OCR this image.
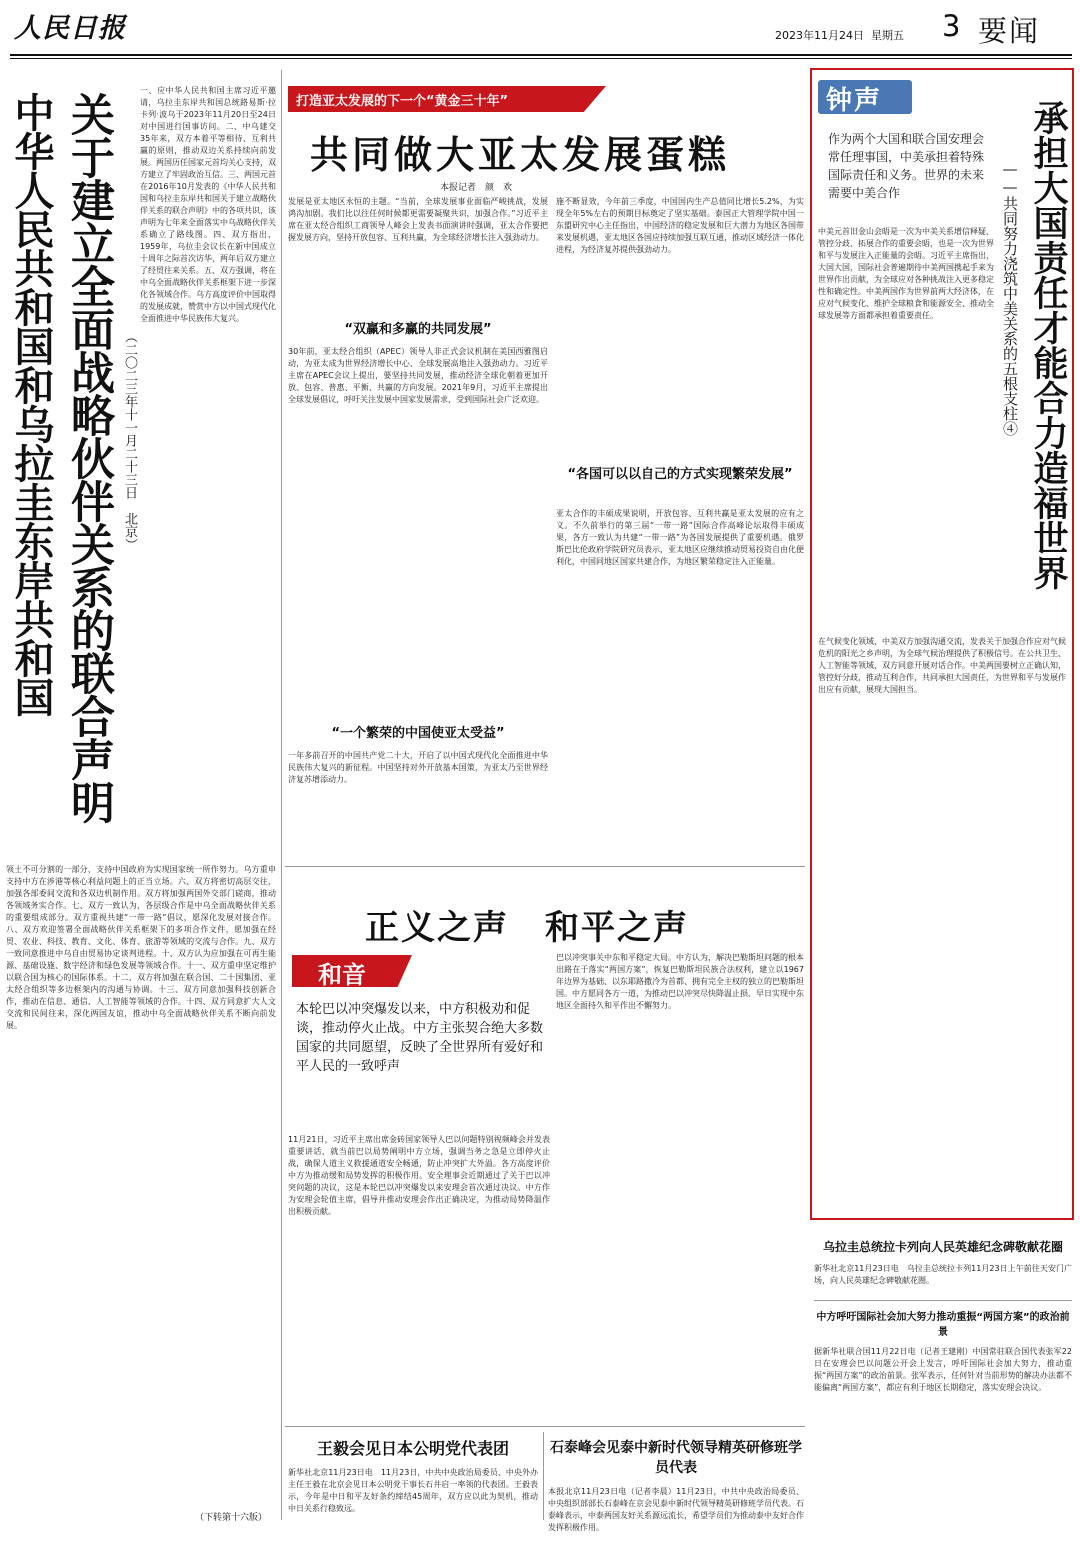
人民日报	2023年11月24日 星期五 3 要闻
关于建立全面战略伙伴关系的联合声明
中华人民共和国和乌拉圭东岸共和国	（二〇二三年十一月二十三日　北京）
一、应中华人民共和国主席习近平邀请，乌拉圭东岸共和国总统路易斯·拉卡列·波乌于2023年11月20日至24日对中国进行国事访问。二、中乌建交35年来，双方本着平等相待、互利共赢的原则，推动双边关系持续向前发展。两国历任国家元首均关心支持，双方建立了牢固政治互信。三、两国元首在2016年10月发表的《中华人民共和国和乌拉圭东岸共和国关于建立战略伙伴关系的联合声明》中的各项共识，该声明为七年来全面落实中乌战略伙伴关系确立了路线图。四、双方指出，1959年，乌拉圭会议长在新中国成立十周年之际首次访华，两年后双方建立了经贸往来关系。五、双方强调，将在中乌全面战略伙伴关系框架下进一步深化各领域合作。乌方高度评价中国取得的发展成就，赞赏中方以中国式现代化全面推进中华民族伟大复兴。
领土不可分割的一部分，支持中国政府为实现国家统一所作努力。乌方重申支持中方在涉港等核心利益问题上的正当立场。六、双方将密切高层交往，加强各部委间交流和各双边机制作用。双方将加强两国外交部门磋商，推动各领域务实合作。七、双方一致认为，各层级合作是中乌全面战略伙伴关系的重要组成部分。双方重视共建“一带一路”倡议，愿深化发展对接合作。八、双方欢迎签署全面战略伙伴关系框架下的多项合作文件，愿加强在经贸、农业、科技、教育、文化、体育、旅游等领域的交流与合作。九、双方一致同意推进中乌自由贸易协定谈判进程。十、双方认为应加强在可再生能源、基础设施、数字经济和绿色发展等领域合作。十一、双方重申坚定维护以联合国为核心的国际体系。十二、双方将加强在联合国、二十国集团、亚太经合组织等多边框架内的沟通与协调。十三、双方同意加强科技创新合作，推动在信息、通信、人工智能等领域的合作。十四、双方同意扩大人文交流和民间往来，深化两国友谊，推动中乌全面战略伙伴关系不断向前发展。
（下转第十六版）
打造亚太发展的下一个“黄金三十年”
共同做大亚太发展蛋糕
本报记者　颜　欢
发展是亚太地区永恒的主题。“当前，全球发展事业面临严峻挑战，发展鸿沟加剧。我们比以往任何时候都更需要凝聚共识，加强合作。”习近平主席在亚太经合组织工商领导人峰会上发表书面演讲时强调，亚太合作要把握发展方向，坚持开放包容、互利共赢，为全球经济增长注入强劲动力。
“双赢和多赢的共同发展”
30年前，亚太经合组织（APEC）领导人非正式会议机制在美国西雅图启动，为亚太成为世界经济增长中心、全球发展高地注入强劲动力。习近平主席在APEC会议上提出，要坚持共同发展，推动经济全球化朝着更加开放、包容、普惠、平衡、共赢的方向发展。2021年9月，习近平主席提出全球发展倡议，呼吁关注发展中国家发展需求，受到国际社会广泛欢迎。
“一个繁荣的中国使亚太受益”
一年多前召开的中国共产党二十大，开启了以中国式现代化全面推进中华民族伟大复兴的新征程。中国坚持对外开放基本国策，为亚太乃至世界经济复苏增添动力。
施不断显效，今年前三季度，中国国内生产总值同比增长5.2%，为实现全年5%左右的预期目标奠定了坚实基础。泰国正大管理学院中国一东盟研究中心主任指出，中国经济的稳定发展和巨大潜力为地区各国带来发展机遇，亚太地区各国应持续加强互联互通，推动区域经济一体化进程，为经济复苏提供强劲动力。
“各国可以以自己的方式实现繁荣发展”
亚太合作的丰硕成果说明，开放包容、互利共赢是亚太发展的应有之义。不久前举行的第三届“一带一路”国际合作高峰论坛取得丰硕成果，各方一致认为共建“一带一路”为各国发展提供了重要机遇。俄罗斯巴比伦政府学院研究员表示，亚太地区应继续推动贸易投资自由化便利化，中国同地区国家共建合作，为地区繁荣稳定注入正能量。
正义之声　和平之声
和音
本轮巴以冲突爆发以来，中方积极劝和促谈，推动停火止战。中方主张契合绝大多数国家的共同愿望，反映了全世界所有爱好和平人民的一致呼声
11月21日，习近平主席出席金砖国家领导人巴以问题特别视频峰会并发表重要讲话，就当前巴以局势阐明中方立场，强调当务之急是立即停火止战，确保人道主义救援通道安全畅通，防止冲突扩大外溢。各方高度评价中方为推动缓和局势发挥的积极作用。安全理事会近期通过了关于巴以冲突问题的决议，这是本轮巴以冲突爆发以来安理会首次通过决议。中方作为安理会轮值主席，倡导并推动安理会作出正确决定，为推动局势降温作出积极贡献。
巴以冲突事关中东和平稳定大局。中方认为，解决巴勒斯坦问题的根本出路在于落实“两国方案”，恢复巴勒斯坦民族合法权利，建立以1967年边界为基础、以东耶路撒冷为首都、拥有完全主权的独立的巴勒斯坦国。中方愿同各方一道，为推动巴以冲突尽快降温止损、早日实现中东地区全面持久和平作出不懈努力。
王毅会见日本公明党代表团
新华社北京11月23日电　11月23日，中共中央政治局委员、中央外办主任王毅在北京会见日本公明党干事长石井启一率领的代表团。王毅表示，今年是中日和平友好条约缔结45周年，双方应以此为契机，推动中日关系行稳致远。
石泰峰会见泰中新时代领导精英研修班学员代表
本报北京11月23日电（记者李晨）11月23日，中共中央政治局委员、中央组织部部长石泰峰在京会见泰中新时代领导精英研修班学员代表。石泰峰表示，中泰两国友好关系源远流长，希望学员们为推动泰中友好合作发挥积极作用。
钟声	承担大国责任才能合力造福世界
——共同努力浇筑中美关系的五根支柱④
作为两个大国和联合国安理会常任理事国，中美承担着特殊国际责任和义务。世界的未来需要中美合作
中美元首旧金山会晤是一次为中美关系增信释疑、管控分歧、拓展合作的重要会晤，也是一次为世界和平与发展注入正能量的会晤。习近平主席指出，大国大国，国际社会普遍期待中美两国携起手来为世界作出贡献，为全球应对各种挑战注入更多稳定性和确定性。中美两国作为世界前两大经济体，在应对气候变化、维护全球粮食和能源安全、推动全球发展等方面都承担着重要责任。
在气候变化领域，中美双方加强沟通交流，发表关于加强合作应对气候危机的阳光之乡声明，为全球气候治理提供了积极信号。在公共卫生、人工智能等领域，双方同意开展对话合作。中美两国要树立正确认知，管控好分歧，推动互利合作，共同承担大国责任，为世界和平与发展作出应有贡献，展现大国担当。
乌拉圭总统拉卡列向人民英雄纪念碑敬献花圈
新华社北京11月23日电　乌拉圭总统拉卡列11月23日上午前往天安门广场，向人民英雄纪念碑敬献花圈。
中方呼吁国际社会加大努力推动重振“两国方案”的政治前景
据新华社联合国11月22日电（记者王建刚）中国常驻联合国代表张军22日在安理会巴以问题公开会上发言，呼吁国际社会加大努力，推动重振“两国方案”的政治前景。张军表示，任何针对当前形势的解决办法都不能偏离“两国方案”，都应有利于地区长期稳定，落实安理会决议。
